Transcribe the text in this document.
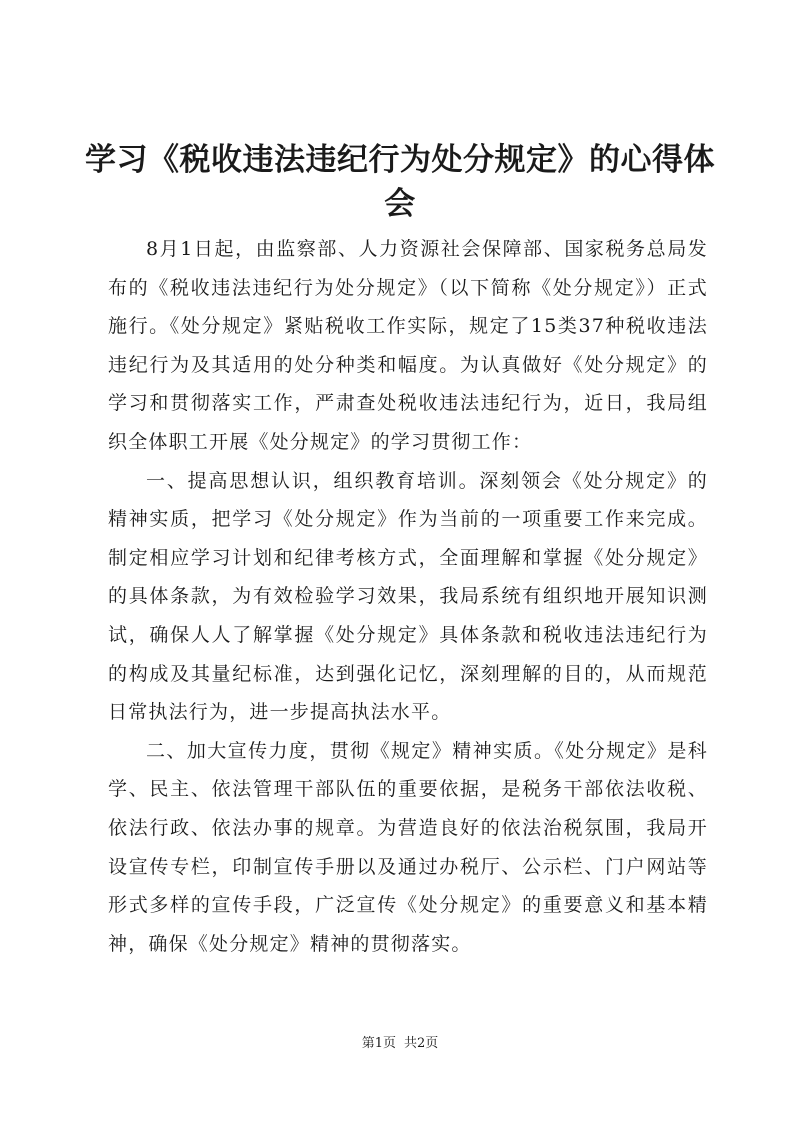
学习《税收违法违纪行为处分规定》的心得体会

8月1日起，由监察部、人力资源社会保障部、国家税务总局发布的《税收违法违纪行为处分规定》（以下简称《处分规定》）正式施行。《处分规定》紧贴税收工作实际，规定了15类37种税收违法违纪行为及其适用的处分种类和幅度。为认真做好《处分规定》的学习和贯彻落实工作，严肃查处税收违法违纪行为，近日，我局组织全体职工开展《处分规定》的学习贯彻工作：

一、提高思想认识，组织教育培训。深刻领会《处分规定》的精神实质，把学习《处分规定》作为当前的一项重要工作来完成。制定相应学习计划和纪律考核方式，全面理解和掌握《处分规定》的具体条款，为有效检验学习效果，我局系统有组织地开展知识测试，确保人人了解掌握《处分规定》具体条款和税收违法违纪行为的构成及其量纪标准，达到强化记忆，深刻理解的目的，从而规范日常执法行为，进一步提高执法水平。

二、加大宣传力度，贯彻《规定》精神实质。《处分规定》是科学、民主、依法管理干部队伍的重要依据，是税务干部依法收税、依法行政、依法办事的规章。为营造良好的依法治税氛围，我局开设宣传专栏，印制宣传手册以及通过办税厅、公示栏、门户网站等形式多样的宣传手段，广泛宣传《处分规定》的重要意义和基本精神，确保《处分规定》精神的贯彻落实。

第1页 共2页
